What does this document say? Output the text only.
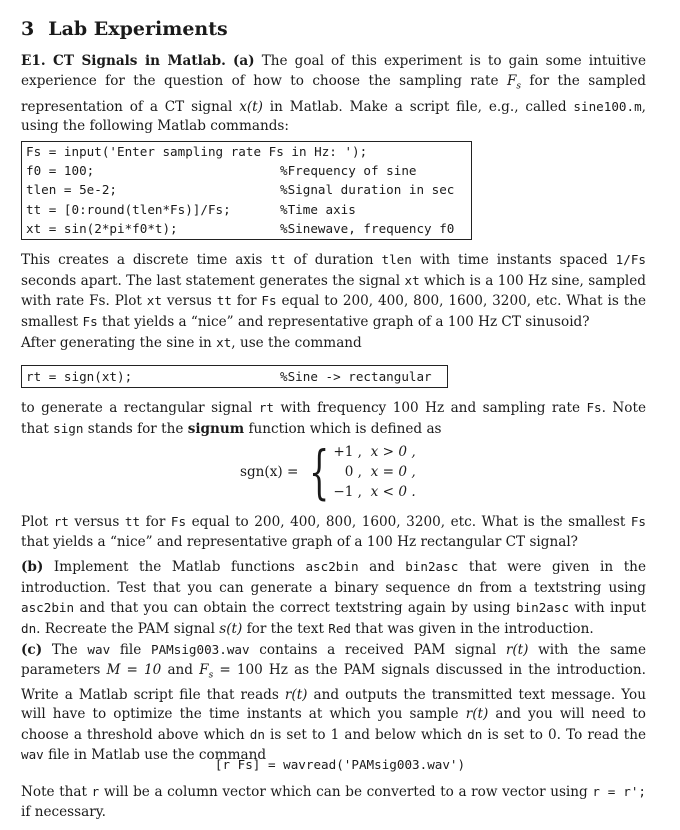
3 Lab Experiments
E1. CT Signals in Matlab. (a) The goal of this experiment is to gain some intuitive experience for the question of how to choose the sampling rate $F_s$ for the sampled representation of a CT signal x(t) in Matlab. Make a script file, e.g., called sine100.m, using the following Matlab commands:
Fs = input('Enter sampling rate Fs in Hz: ');
f0 = 100;	%Frequency of sine
tlen = 5e-2;	%Signal duration in sec
tt = [0:round(tlen*Fs)]/Fs;	%Time axis
xt = sin(2*pi*f0*t);	%Sinewave, frequency f0
This creates a discrete time axis tt of duration tlen with time instants spaced 1/Fs seconds apart. The last statement generates the signal xt which is a 100 Hz sine, sampled with rate Fs. Plot xt versus tt for Fs equal to 200, 400, 800, 1600, 3200, etc. What is the smallest Fs that yields a “nice” and representative graph of a 100 Hz CT sinusoid?
After generating the sine in xt, use the command
rt = sign(xt);	%Sine -> rectangular
to generate a rectangular signal rt with frequency 100 Hz and sampling rate Fs. Note that sign stands for the signum function which is defined as
sgn(x) = { +1 , x > 0 ,
0 , x = 0 ,
−1 , x < 0 .
Plot rt versus tt for Fs equal to 200, 400, 800, 1600, 3200, etc. What is the smallest Fs that yields a “nice” and representative graph of a 100 Hz rectangular CT signal?
(b) Implement the Matlab functions asc2bin and bin2asc that were given in the introduction. Test that you can generate a binary sequence dn from a textstring using asc2bin and that you can obtain the correct textstring again by using bin2asc with input dn. Recreate the PAM signal s(t) for the text Red that was given in the introduction.
(c) The wav file PAMsig003.wav contains a received PAM signal r(t) with the same parameters M = 10 and $F_s = 100$ Hz as the PAM signals discussed in the introduction. Write a Matlab script file that reads r(t) and outputs the transmitted text message. You will have to optimize the time instants at which you sample r(t) and you will need to choose a threshold above which dn is set to 1 and below which dn is set to 0. To read the wav file in Matlab use the command
[r Fs] = wavread('PAMsig003.wav')
Note that r will be a column vector which can be converted to a row vector using r = r'; if necessary.
